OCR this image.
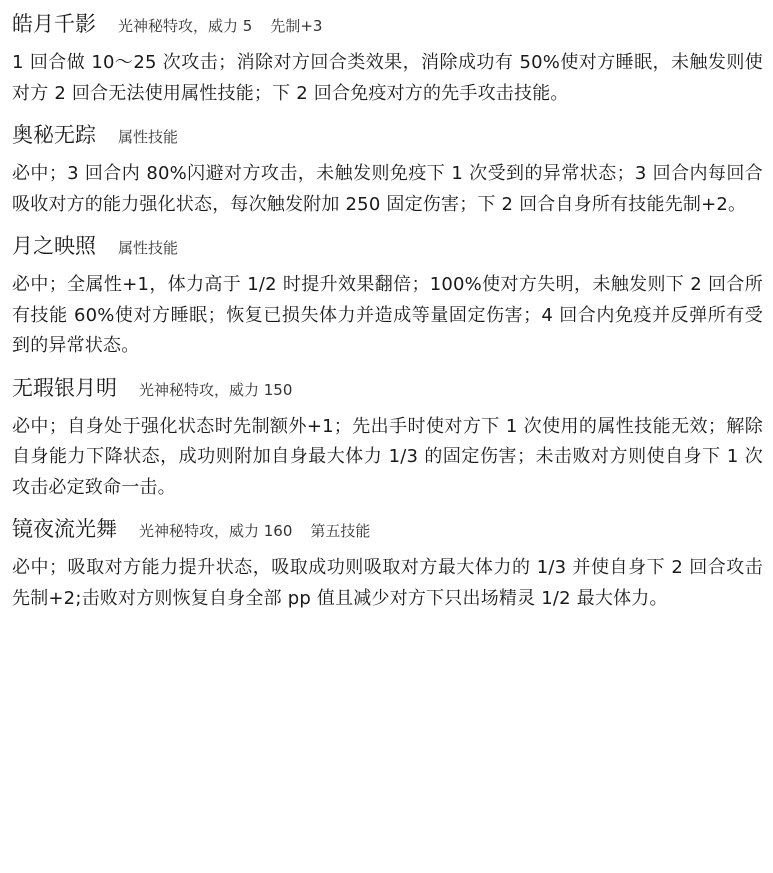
皓月千影 光神秘特攻，威力 5 先制+3

1 回合做 10～25 次攻击；消除对方回合类效果，消除成功有 50%使对方睡眠，未触发则使对方 2 回合无法使用属性技能；下 2 回合免疫对方的先手攻击技能。

奥秘无踪 属性技能

必中；3 回合内 80%闪避对方攻击，未触发则免疫下 1 次受到的异常状态；3 回合内每回合吸收对方的能力强化状态，每次触发附加 250 固定伤害；下 2 回合自身所有技能先制+2。

月之映照 属性技能

必中；全属性+1，体力高于 1/2 时提升效果翻倍；100%使对方失明，未触发则下 2 回合所有技能 60%使对方睡眠；恢复已损失体力并造成等量固定伤害；4 回合内免疫并反弹所有受到的异常状态。

无瑕银月明 光神秘特攻，威力 150

必中；自身处于强化状态时先制额外+1；先出手时使对方下 1 次使用的属性技能无效；解除自身能力下降状态，成功则附加自身最大体力 1/3 的固定伤害；未击败对方则使自身下 1 次攻击必定致命一击。

镜夜流光舞 光神秘特攻，威力 160 第五技能

必中；吸取对方能力提升状态，吸取成功则吸取对方最大体力的 1/3 并使自身下 2 回合攻击先制+2;击败对方则恢复自身全部 pp 值且减少对方下只出场精灵 1/2 最大体力。
